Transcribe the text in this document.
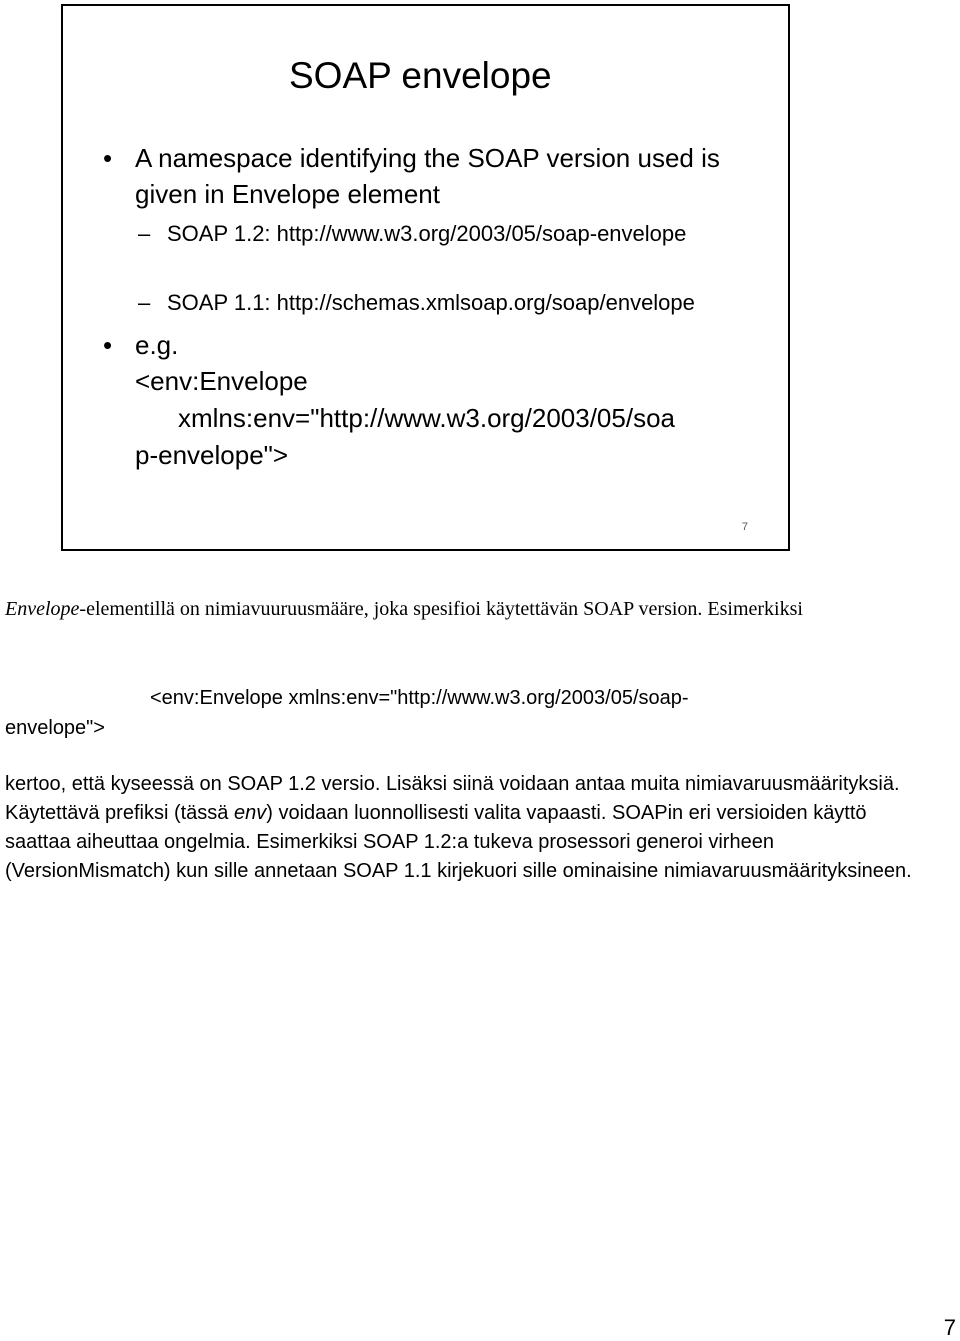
SOAP envelope
• A namespace identifying the SOAP version used is given in Envelope element
– SOAP 1.2: http://www.w3.org/2003/05/soap-envelope
– SOAP 1.1: http://schemas.xmlsoap.org/soap/envelope
• e.g.
<env:Envelope
xmlns:env="http://www.w3.org/2003/05/soa
p-envelope">
7
Envelope-elementillä on nimiavuuruusmääre, joka spesifioi käytettävän SOAP version. Esimerkiksi
<env:Envelope xmlns:env="http://www.w3.org/2003/05/soap-
envelope">
kertoo, että kyseessä on SOAP 1.2 versio. Lisäksi siinä voidaan antaa muita nimiavaruusmäärityksiä. Käytettävä prefiksi (tässä env) voidaan luonnollisesti valita vapaasti. SOAPin eri versioiden käyttö saattaa aiheuttaa ongelmia. Esimerkiksi SOAP 1.2:a tukeva prosessori generoi virheen (VersionMismatch) kun sille annetaan SOAP 1.1 kirjekuori sille ominaisine nimiavaruusmäärityksineen.
7
